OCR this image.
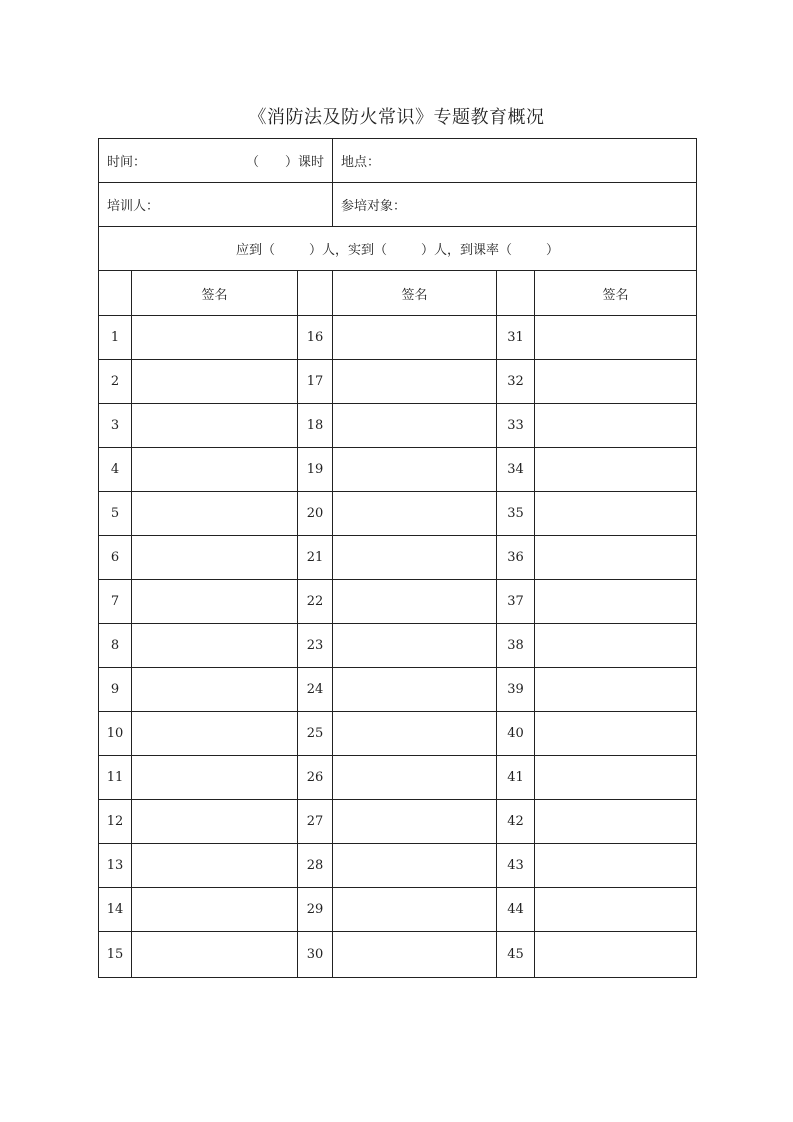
《消防法及防火常识》专题教育概况
时间： （　　）课时			地点：		
培训人：			参培对象：		
应到（ ）人，实到（ ）人，到课率（ ）					
	签名		签名		签名
1		16		31	
2		17		32	
3		18		33	
4		19		34	
5		20		35	
6		21		36	
7		22		37	
8		23		38	
9		24		39	
10		25		40	
11		26		41	
12		27		42	
13		28		43	
14		29		44	
15		30		45	
